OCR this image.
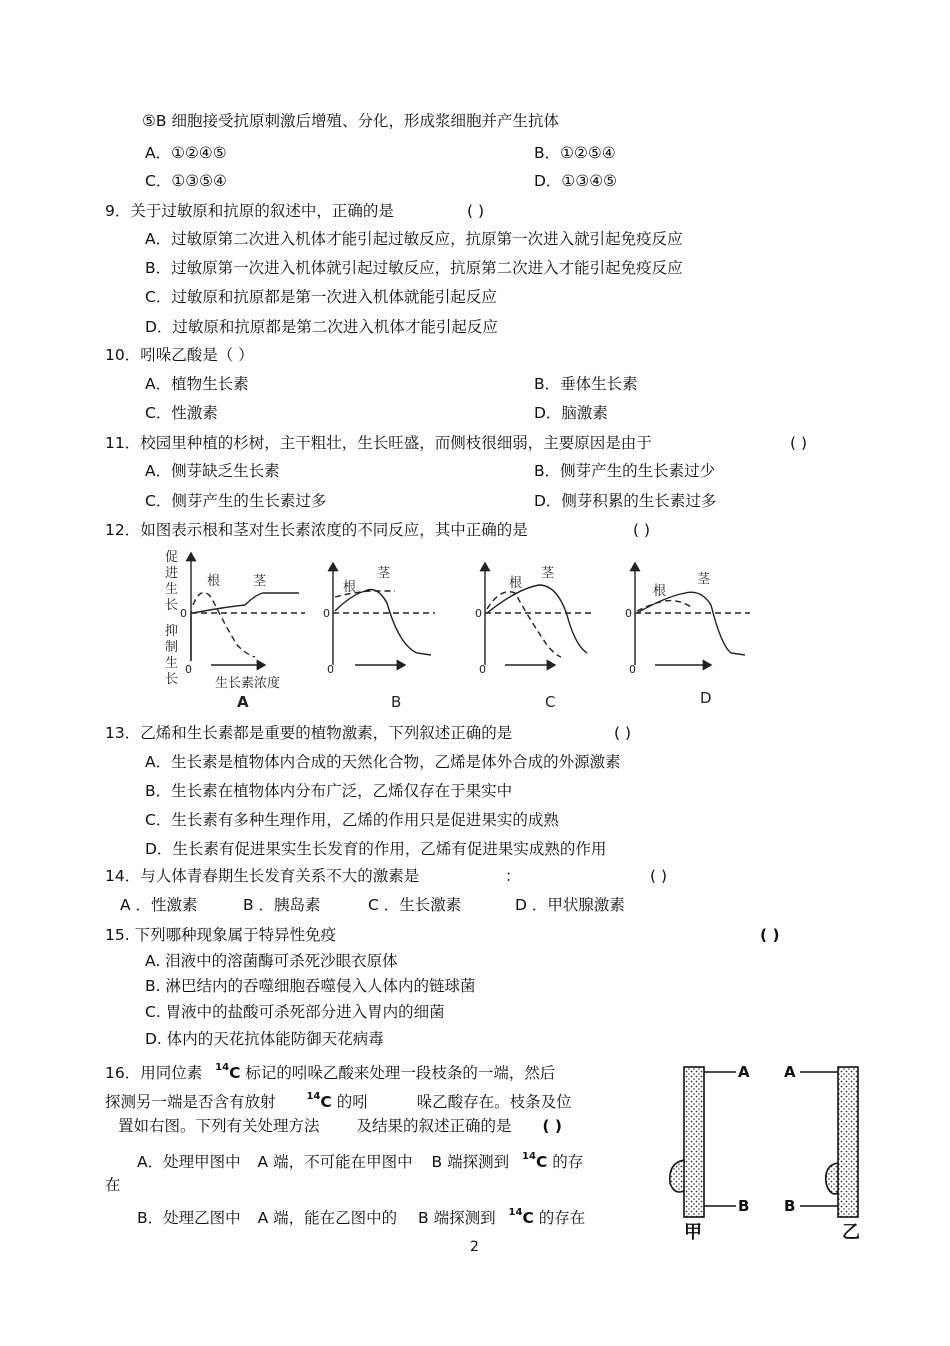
⑤B 细胞接受抗原刺激后增殖、分化，形成浆细胞并产生抗体
A．①②④⑤	B．①②⑤④
C．①③⑤④	D．①③④⑤
9．关于过敏原和抗原的叙述中，正确的是	( )
A．过敏原第二次进入机体才能引起过敏反应，抗原第一次进入就引起免疫反应
B．过敏原第一次进入机体就引起过敏反应，抗原第二次进入才能引起免疫反应
C．过敏原和抗原都是第一次进入机体就能引起反应
D．过敏原和抗原都是第二次进入机体才能引起反应
10．吲哚乙酸是（ ）
A．植物生长素	B．垂体生长素
C．性激素	D．脑激素
11．校园里种植的杉树，主干粗壮，生长旺盛，而侧枝很细弱，主要原因是由于	( )
A．侧芽缺乏生长素	B．侧芽产生的生长素过少
C．侧芽产生的生长素过多	D．侧芽积累的生长素过多
12．如图表示根和茎对生长素浓度的不同反应，其中正确的是	( )
促
进
生
长
抑
制
生
长
0
0
根	茎
生长素浓度
0
0
根
茎
0
0
根
茎
0
0
根
茎
A	B	C	D
13．乙烯和生长素都是重要的植物激素，下列叙述正确的是	( )
A．生长素是植物体内合成的天然化合物，乙烯是体外合成的外源激素
B．生长素在植物体内分布广泛，乙烯仅存在于果实中
C．生长素有多种生理作用，乙烯的作用只是促进果实的成熟
D．生长素有促进果实生长发育的作用，乙烯有促进果实成熟的作用
14．与人体青春期生长发育关系不大的激素是	：	( )
A ．性激素	B ．胰岛素	C ．生长激素	D ．甲状腺激素
15. 下列哪种现象属于特异性免疫	( )
A. 泪液中的溶菌酶可杀死沙眼衣原体
B. 淋巴结内的吞噬细胞吞噬侵入人体内的链球菌
C. 胃液中的盐酸可杀死部分进入胃内的细菌
D. 体内的天花抗体能防御天花病毒
16．用同位素 $^{14}$C 标记的吲哚乙酸来处理一段枝条的一端，然后
探测另一端是否含有放射	$^{14}$C 的吲	哚乙酸存在。枝条及位
置如右图。下列有关处理方法 及结果的叙述正确的是 ( )
A．处理甲图中 A 端，不可能在甲图中 B 端探测到 $^{14}$C 的存
在
B．处理乙图中 A 端，能在乙图中的 B 端探测到 $^{14}$C 的存在
A
B
A
B
甲	乙
2
